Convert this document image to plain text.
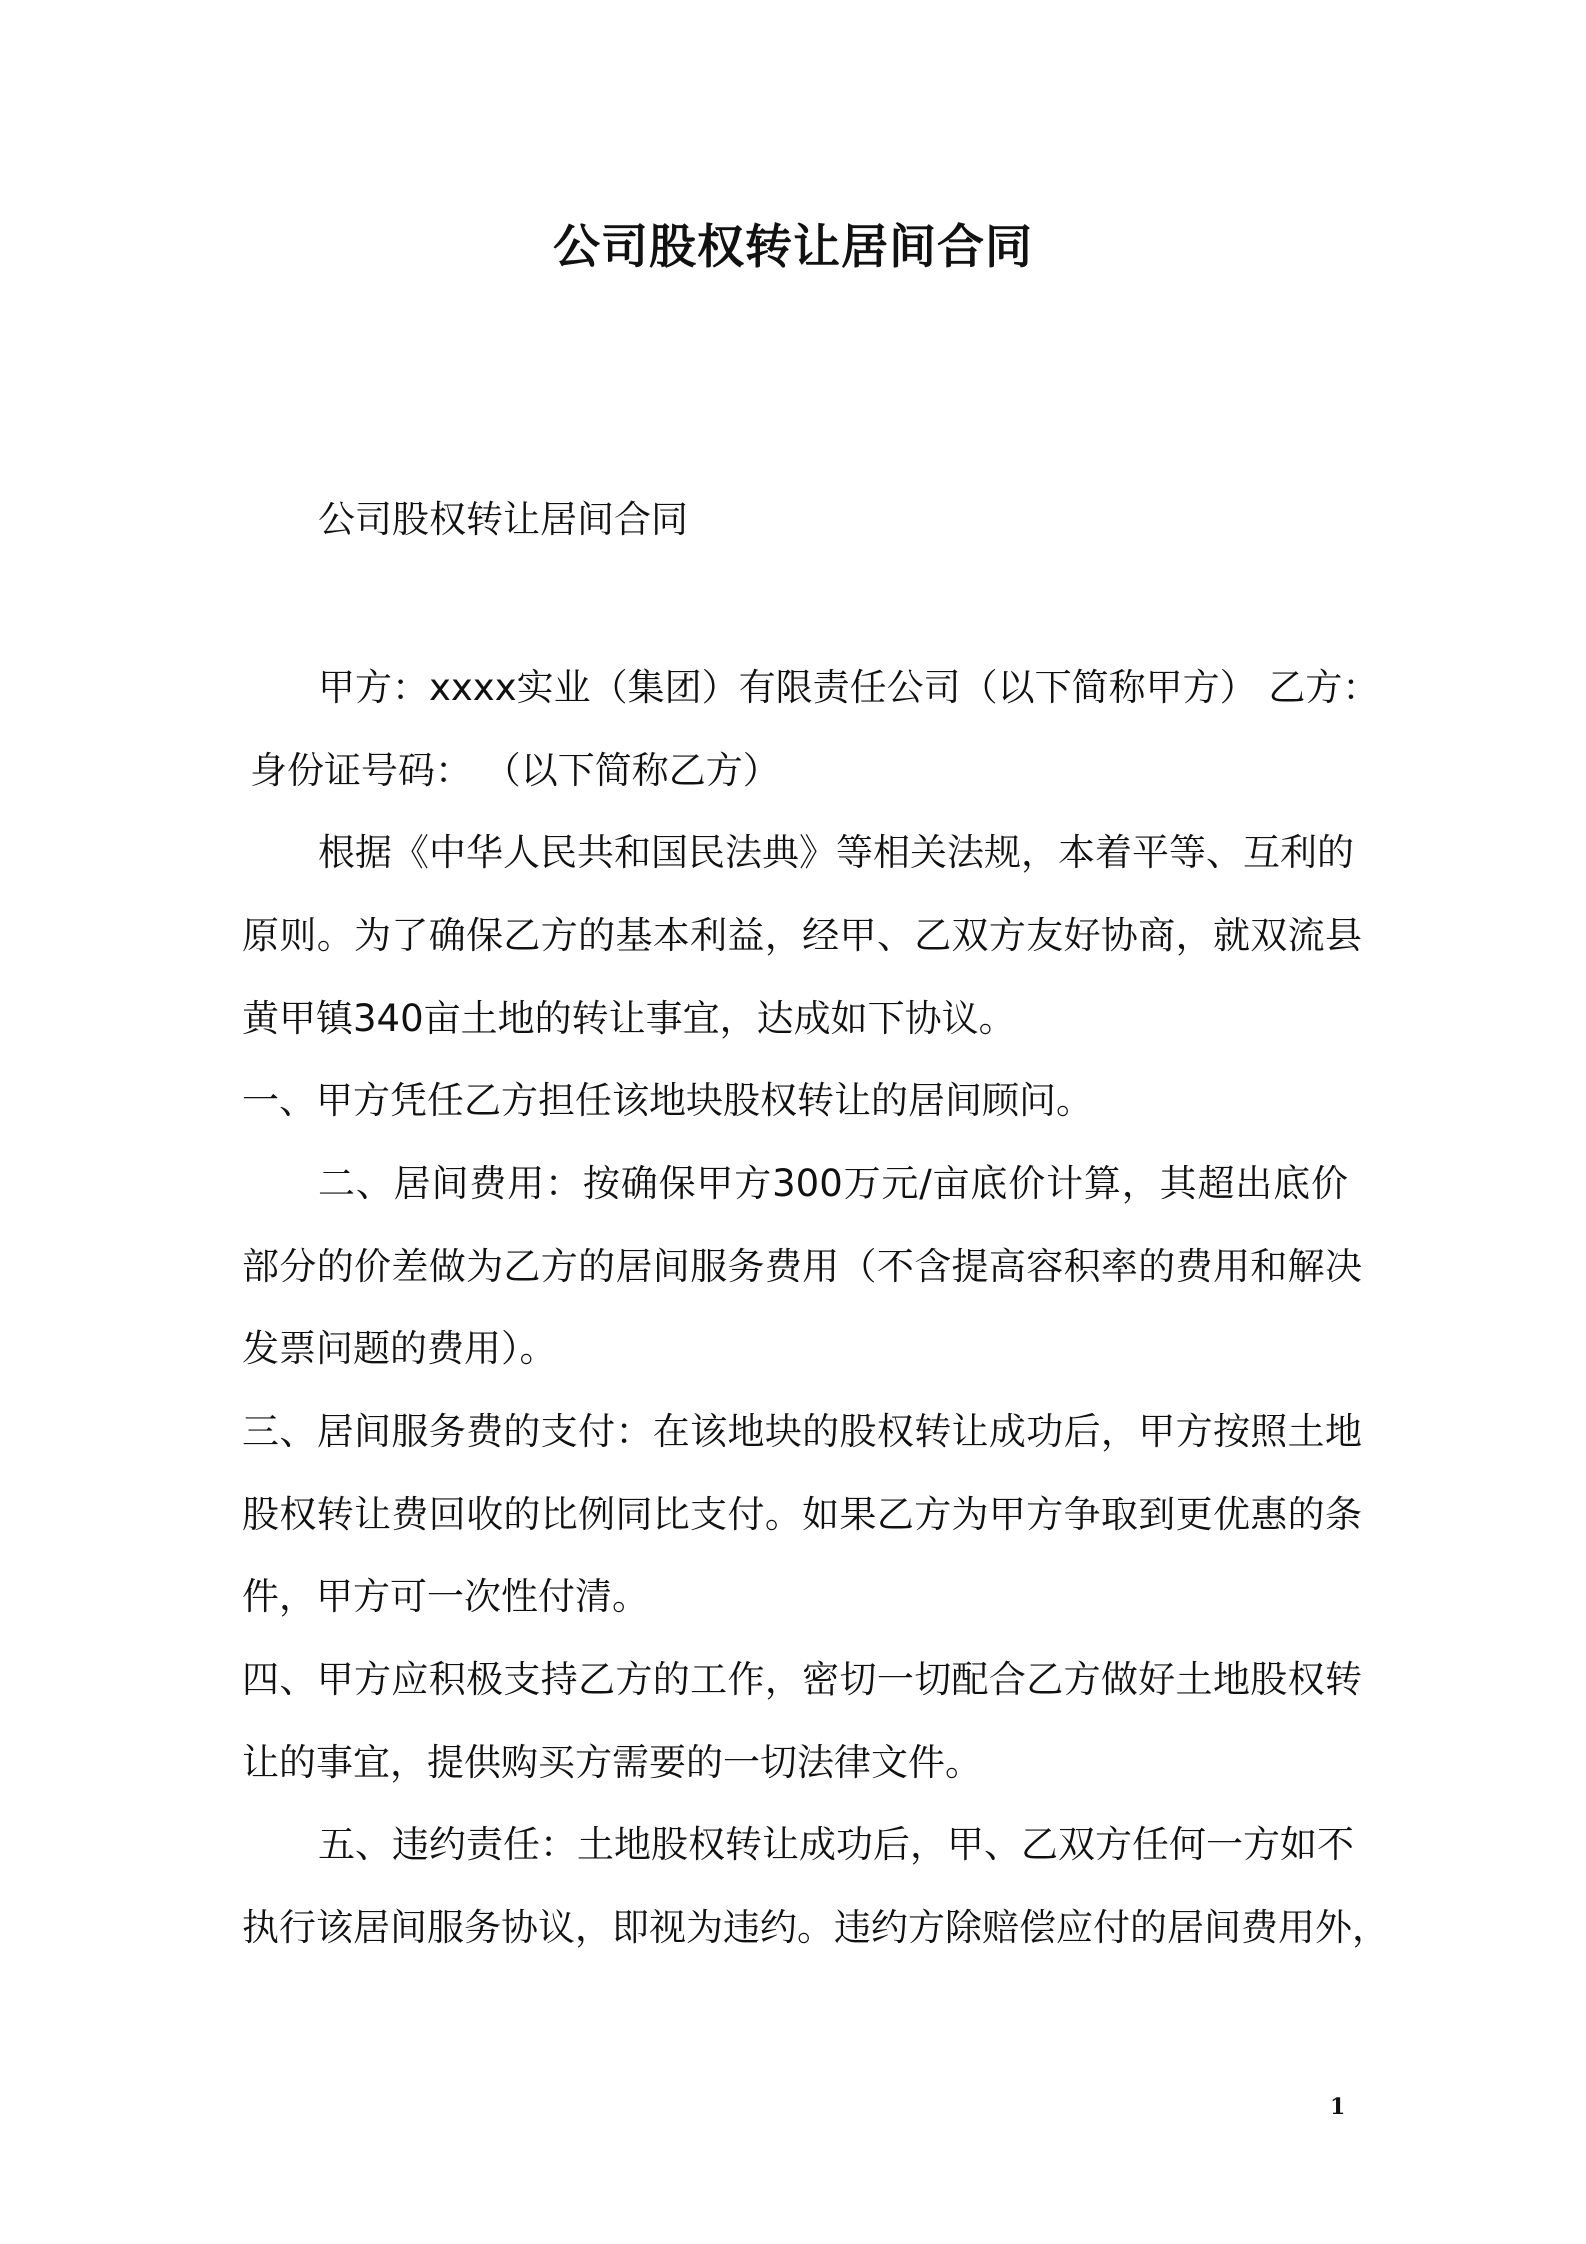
公司股权转让居间合同
公司股权转让居间合同
甲方：xxxx实业（集团）有限责任公司（以下简称甲方） 乙方：
身份证号码： （以下简称乙方）
根据《中华人民共和国民法典》等相关法规，本着平等、互利的
原则。为了确保乙方的基本利益，经甲、乙双方友好协商，就双流县
黄甲镇340亩土地的转让事宜，达成如下协议。
一、甲方凭任乙方担任该地块股权转让的居间顾问。
二、居间费用：按确保甲方300万元/亩底价计算，其超出底价
部分的价差做为乙方的居间服务费用（不含提高容积率的费用和解决
发票问题的费用）。
三、居间服务费的支付：在该地块的股权转让成功后，甲方按照土地
股权转让费回收的比例同比支付。如果乙方为甲方争取到更优惠的条
件，甲方可一次性付清。
四、甲方应积极支持乙方的工作，密切一切配合乙方做好土地股权转
让的事宜，提供购买方需要的一切法律文件。
五、违约责任：土地股权转让成功后，甲、乙双方任何一方如不
执行该居间服务协议，即视为违约。违约方除赔偿应付的居间费用外，
1
